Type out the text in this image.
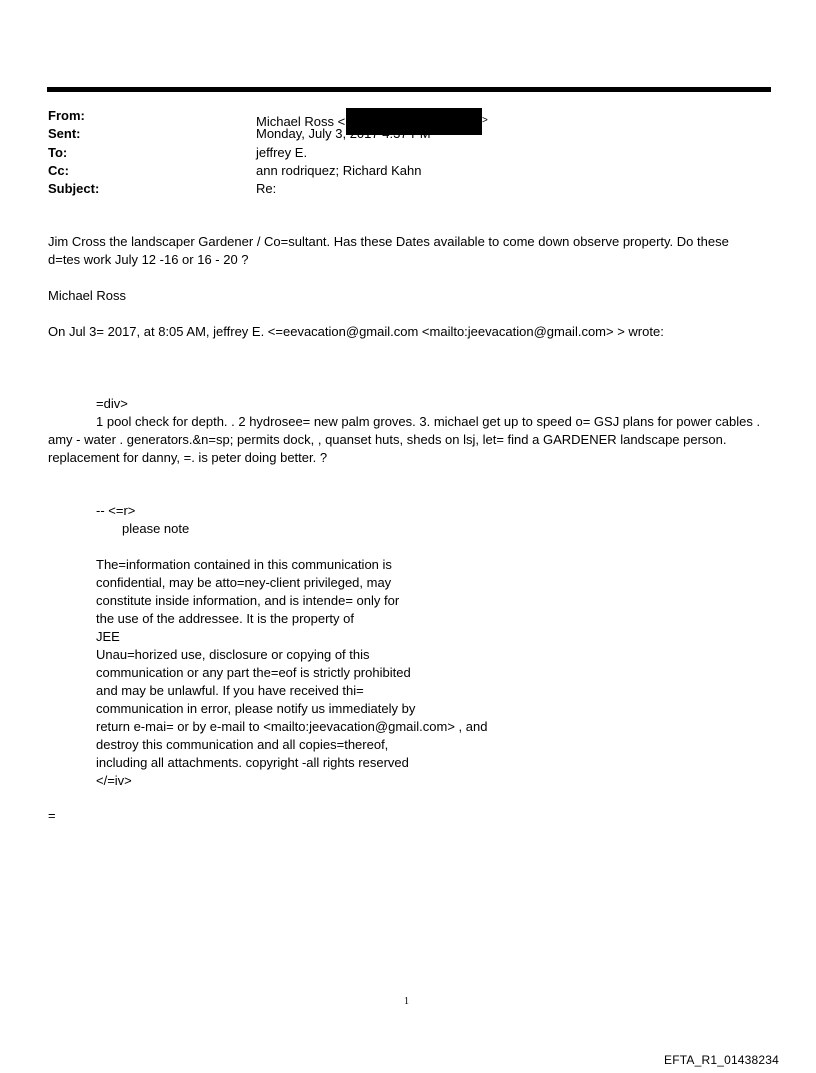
From:	Michael Ross <	>
Sent:	Monday, July 3, 2017 4:37 PM
To:	jeffrey E.
Cc:	ann rodriquez; Richard Kahn
Subject:	Re:
Jim Cross the landscaper Gardener / Co=sultant. Has these Dates available to come down observe property. Do these
d=tes work July 12 -16 or 16 - 20 ?
Michael Ross
On Jul 3= 2017, at 8:05 AM, jeffrey E. <=eevacation@gmail.com <mailto:jeevacation@gmail.com> > wrote:
=div>
1 pool check for depth. . 2 hydrosee= new palm groves. 3. michael get up to speed o= GSJ plans for power cables . amy - water . generators.&n=sp; permits dock, , quanset huts, sheds on lsj, let= find a GARDENER landscape person. replacement for danny, =. is peter doing better. ?
-- <=r>
please note
The=information contained in this communication is
confidential, may be atto=ney-client privileged, may
constitute inside information, and is intende= only for
the use of the addressee. It is the property of
JEE
Unau=horized use, disclosure or copying of this
communication or any part the=eof is strictly prohibited
and may be unlawful. If you have received thi=
communication in error, please notify us immediately by
return e-mai= or by e-mail to <mailto:jeevacation@gmail.com> , and
destroy this communication and all copies=thereof,
including all attachments. copyright -all rights reserved
</=iv>
=
1
EFTA_R1_01438234
